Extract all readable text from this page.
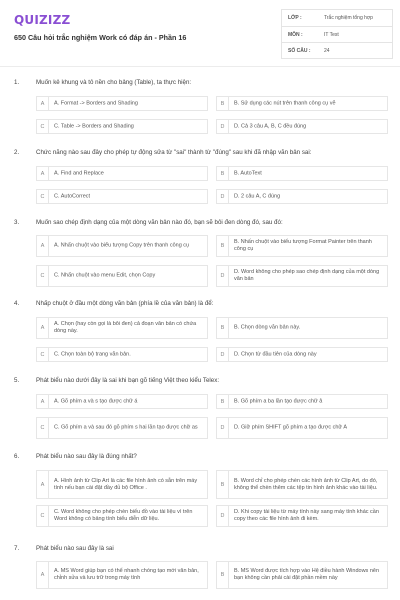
QUIZIZZ
650 Câu hỏi trắc nghiệm Work có đáp án - Phần 16
LỚP :	Trắc nghiệm tổng hợp
MÔN :	IT Test
SỐ CÂU :	24
1.	Muốn kẻ khung và tô nền cho bảng (Table), ta thực hiện:
A A. Format -> Borders and Shading	B B. Sử dụng các nút trên thanh công cụ vẽ
C C. Table -> Borders and Shading	D D. Cả 3 câu A, B, C đều đúng
2.	Chức năng nào sau đây cho phép tự động sửa từ "sai" thành từ "đúng" sau khi đã nhập văn bản sai:
A A. Find and Replace	B B. AutoText
C C. AutoCorrect	D D. 2 câu A, C đúng
3.	Muốn sao chép định dạng của một dòng văn bản nào đó, bạn sẽ bôi đen dòng đó, sau đó:
A A. Nhấn chuột vào biểu tượng Copy trên thanh công cụ	B
B. Nhấn chuột vào biểu tượng Format Painter trên thanh công cụ
C C. Nhấn chuột vào menu Edit, chọn Copy	D
D. Word không cho phép sao chép định dạng của một dòng văn bản
4.	Nhấp chuột ở đầu một dòng văn bản (phía lề của văn bản) là để:
A
A. Chọn (hay còn gọi là bôi đen) cả đoạn văn bản có chứa dòng này.	B B. Chọn dòng văn bản này.
C C. Chọn toàn bộ trang văn bản.	D D. Chọn từ đầu tiên của dòng này
5.	Phát biểu nào dưới đây là sai khi bạn gõ tiếng Việt theo kiểu Telex:
A A. Gõ phím a và s tạo được chữ á	B B. Gõ phím a ba lần tạo được chữ â
C C. Gõ phím a và sau đó gõ phím s hai lần tạo được chữ as	D D. Giữ phím SHIFT gõ phím a tạo được chữ A
6.	Phát biểu nào sau đây là đúng nhất?
A
A. Hình ảnh từ Clip Art là các file hình ảnh có sẵn trên máy tính nếu bạn cài đặt đầy đủ bộ Office .	B
B. Word chỉ cho phép chèn các hình ảnh từ Clip Art, do đó, không thể chèn thêm các tệp tin hình ảnh khác vào tài liệu.
C
C. Word không cho phép chèn biểu đồ vào tài liệu vì trên Word không có bảng tính biểu diễn dữ liệu.	D
D. Khi copy tài liệu từ máy tính này sang máy tính khác cần copy theo các file hình ảnh đi kèm.
7.	Phát biểu nào sau đây là sai
A
A. MS Word giúp bạn có thể nhanh chóng tạo mới văn bản, chỉnh sửa và lưu trữ trong máy tính	B
B. MS Word được tích hợp vào Hệ điều hành Windows nên bạn không cần phải cài đặt phần mềm này
